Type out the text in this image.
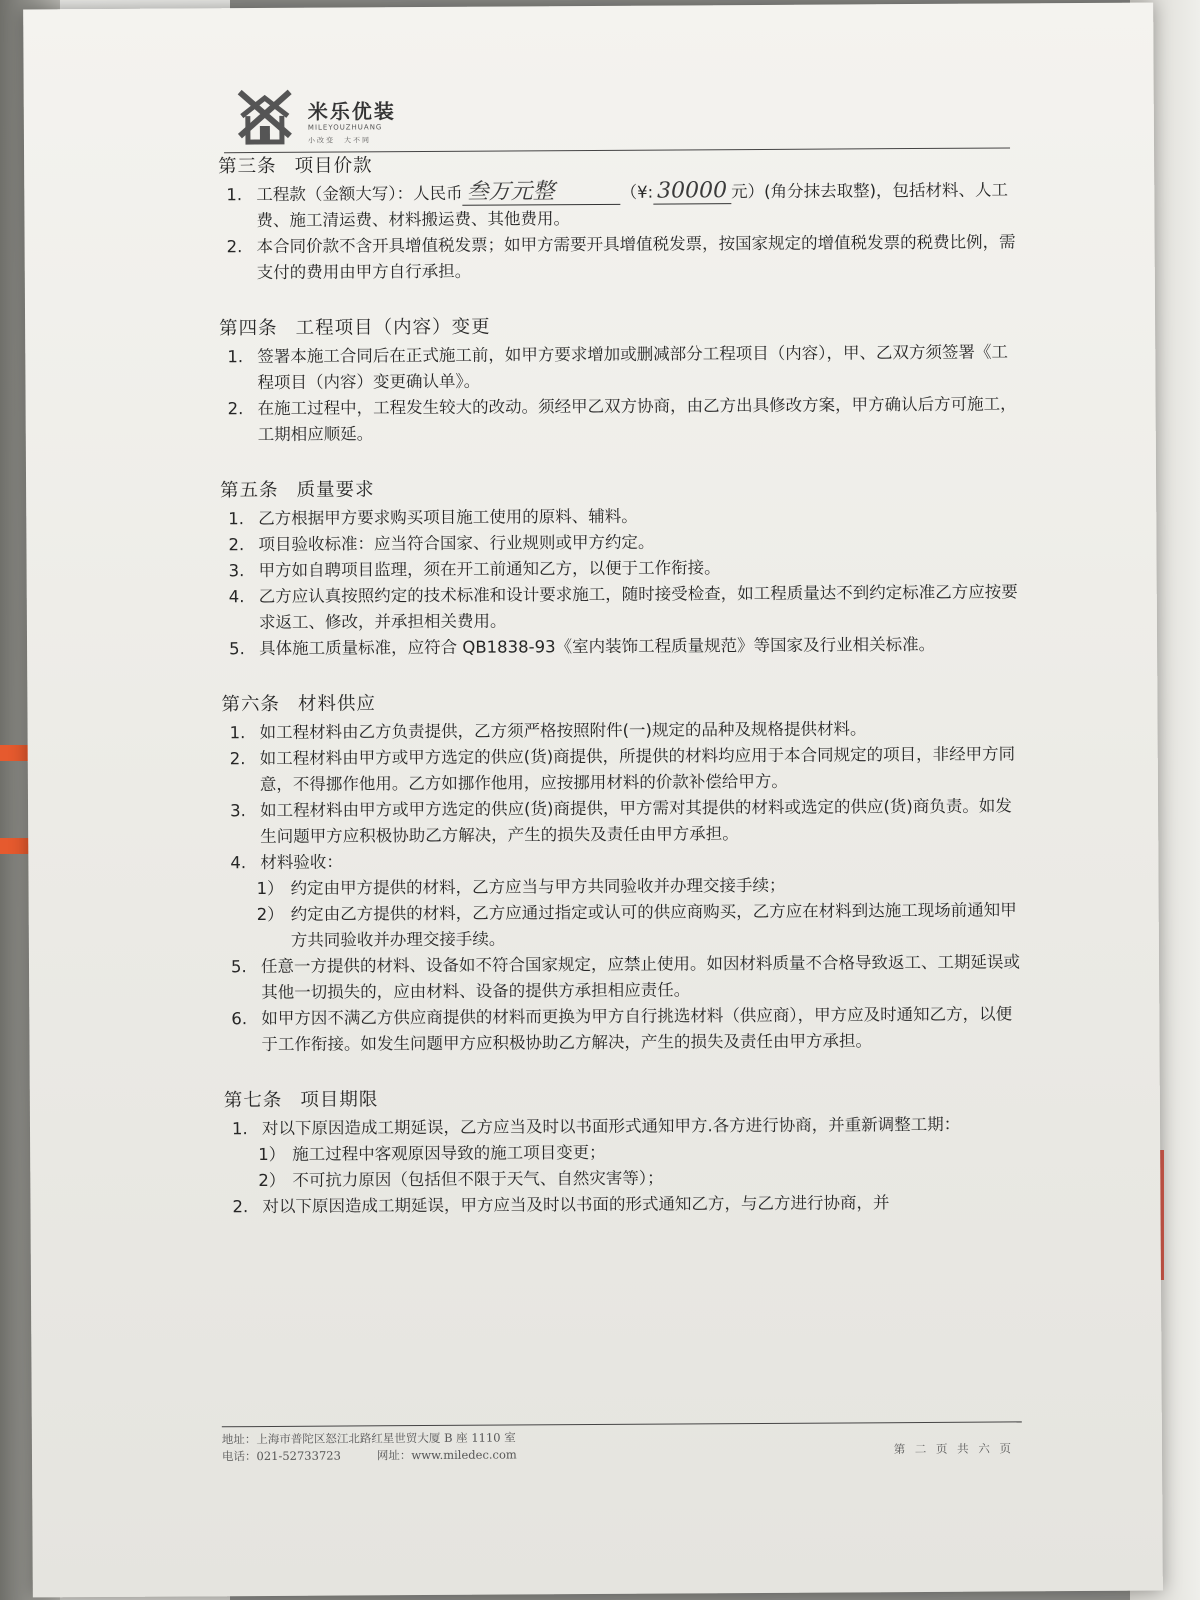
米乐优装
MILEYOUZHUANG
小改变　大不同
第三条 项目价款
1. 工程款（金额大写）：人民币 叁万元整	（¥: 30000 元）(角分抹去取整)，包括材料、人工费、施工清运费、材料搬运费、其他费用。
2. 本合同价款不含开具增值税发票；如甲方需要开具增值税发票，按国家规定的增值税发票的税费比例，需支付的费用由甲方自行承担。
第四条 工程项目（内容）变更
1. 签署本施工合同后在正式施工前，如甲方要求增加或删减部分工程项目（内容），甲、乙双方须签署《工程项目（内容）变更确认单》。
2. 在施工过程中，工程发生较大的改动。须经甲乙双方协商，由乙方出具修改方案，甲方确认后方可施工，工期相应顺延。
第五条 质量要求
1. 乙方根据甲方要求购买项目施工使用的原料、辅料。
2. 项目验收标准：应当符合国家、行业规则或甲方约定。
3. 甲方如自聘项目监理，须在开工前通知乙方，以便于工作衔接。
4. 乙方应认真按照约定的技术标准和设计要求施工，随时接受检查，如工程质量达不到约定标准乙方应按要求返工、修改，并承担相关费用。
5. 具体施工质量标准，应符合 QB1838-93《室内装饰工程质量规范》等国家及行业相关标准。
第六条 材料供应
1. 如工程材料由乙方负责提供，乙方须严格按照附件(一)规定的品种及规格提供材料。
2. 如工程材料由甲方或甲方选定的供应(货)商提供，所提供的材料均应用于本合同规定的项目，非经甲方同意，不得挪作他用。乙方如挪作他用，应按挪用材料的价款补偿给甲方。
3. 如工程材料由甲方或甲方选定的供应(货)商提供，甲方需对其提供的材料或选定的供应(货)商负责。如发生问题甲方应积极协助乙方解决，产生的损失及责任由甲方承担。
4. 材料验收：
1） 约定由甲方提供的材料，乙方应当与甲方共同验收并办理交接手续；
2） 约定由乙方提供的材料，乙方应通过指定或认可的供应商购买，乙方应在材料到达施工现场前通知甲方共同验收并办理交接手续。
5. 任意一方提供的材料、设备如不符合国家规定，应禁止使用。如因材料质量不合格导致返工、工期延误或其他一切损失的，应由材料、设备的提供方承担相应责任。
6. 如甲方因不满乙方供应商提供的材料而更换为甲方自行挑选材料（供应商），甲方应及时通知乙方，以便于工作衔接。如发生问题甲方应积极协助乙方解决，产生的损失及责任由甲方承担。
第七条 项目期限
1. 对以下原因造成工期延误，乙方应当及时以书面形式通知甲方.各方进行协商，并重新调整工期：
1） 施工过程中客观原因导致的施工项目变更；
2） 不可抗力原因（包括但不限于天气、自然灾害等）；
2. 对以下原因造成工期延误，甲方应当及时以书面的形式通知乙方，与乙方进行协商，并
地址：上海市普陀区怒江北路红星世贸大厦 B 座 1110 室
电话：021-52733723	网址：www.miledec.com	第 二 页 共 六 页
